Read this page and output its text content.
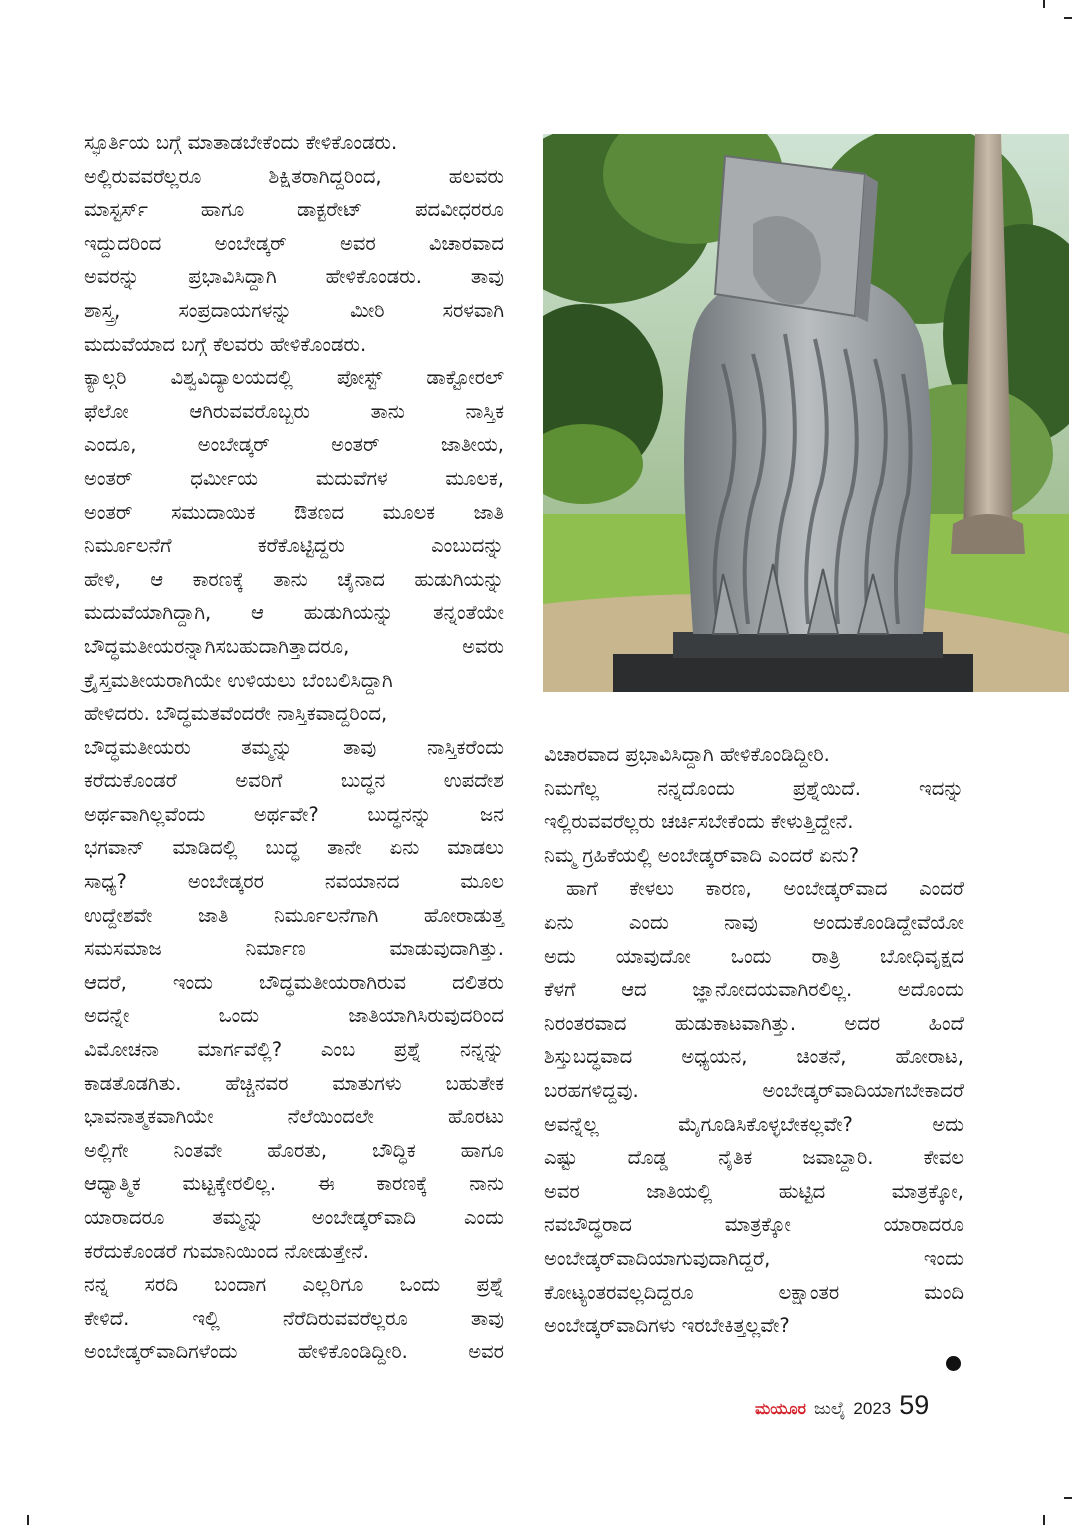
ಸ್ಫೂರ್ತಿಯ ಬಗ್ಗೆ ಮಾತಾಡಬೇಕೆಂದು ಕೇಳಿಕೊಂಡರು.
ಅಲ್ಲಿರುವವರೆಲ್ಲರೂ ಶಿಕ್ಷಿತರಾಗಿದ್ದರಿಂದ, ಹಲವರು
ಮಾಸ್ಟರ್ಸ್ ಹಾಗೂ ಡಾಕ್ಟರೇಟ್ ಪದವೀಧರರೂ
ಇದ್ದುದರಿಂದ ಅಂಬೇಡ್ಕರ್ ಅವರ ವಿಚಾರವಾದ
ಅವರನ್ನು ಪ್ರಭಾವಿಸಿದ್ದಾಗಿ ಹೇಳಿಕೊಂಡರು. ತಾವು
ಶಾಸ್ತ್ರ, ಸಂಪ್ರದಾಯಗಳನ್ನು ಮೀರಿ ಸರಳವಾಗಿ
ಮದುವೆಯಾದ ಬಗ್ಗೆ ಕೆಲವರು ಹೇಳಿಕೊಂಡರು.
ಕ್ಯಾಲ್ಗರಿ ವಿಶ್ವವಿದ್ಯಾಲಯದಲ್ಲಿ ಪೋಸ್ಟ್ ಡಾಕ್ಟೋರಲ್
ಫೆಲೋ ಆಗಿರುವವರೊಬ್ಬರು ತಾನು ನಾಸ್ತಿಕ
ಎಂದೂ, ಅಂಬೇಡ್ಕರ್ ಅಂತರ್ ಜಾತೀಯ,
ಅಂತರ್ ಧರ್ಮೀಯ ಮದುವೆಗಳ ಮೂಲಕ,
ಅಂತರ್ ಸಮುದಾಯಿಕ ಔತಣದ ಮೂಲಕ ಜಾತಿ
ನಿರ್ಮೂಲನೆಗೆ ಕರೆಕೊಟ್ಟಿದ್ದರು ಎಂಬುದನ್ನು
ಹೇಳಿ, ಆ ಕಾರಣಕ್ಕೆ ತಾನು ಚೈನಾದ ಹುಡುಗಿಯನ್ನು
ಮದುವೆಯಾಗಿದ್ದಾಗಿ, ಆ ಹುಡುಗಿಯನ್ನು ತನ್ನಂತೆಯೇ
ಬೌದ್ಧಮತೀಯರನ್ನಾಗಿಸಬಹುದಾಗಿತ್ತಾದರೂ, ಅವರು
ಕ್ರೈಸ್ತಮತೀಯರಾಗಿಯೇ ಉಳಿಯಲು ಬೆಂಬಲಿಸಿದ್ದಾಗಿ
ಹೇಳಿದರು. ಬೌದ್ಧಮತವೆಂದರೇ ನಾಸ್ತಿಕವಾದ್ದರಿಂದ,
ಬೌದ್ಧಮತೀಯರು ತಮ್ಮನ್ನು ತಾವು ನಾಸ್ತಿಕರೆಂದು
ಕರೆದುಕೊಂಡರೆ ಅವರಿಗೆ ಬುದ್ಧನ ಉಪದೇಶ
ಅರ್ಥವಾಗಿಲ್ಲವೆಂದು ಅರ್ಥವೇ? ಬುದ್ಧನನ್ನು ಜನ
ಭಗವಾನ್ ಮಾಡಿದಲ್ಲಿ ಬುದ್ಧ ತಾನೇ ಏನು ಮಾಡಲು
ಸಾಧ್ಯ? ಅಂಬೇಡ್ಕರರ ನವಯಾನದ ಮೂಲ
ಉದ್ದೇಶವೇ ಜಾತಿ ನಿರ್ಮೂಲನೆಗಾಗಿ ಹೋರಾಡುತ್ತ
ಸಮಸಮಾಜ ನಿರ್ಮಾಣ ಮಾಡುವುದಾಗಿತ್ತು.
ಆದರೆ, ಇಂದು ಬೌದ್ಧಮತೀಯರಾಗಿರುವ ದಲಿತರು
ಅದನ್ನೇ ಒಂದು ಜಾತಿಯಾಗಿಸಿರುವುದರಿಂದ
ವಿಮೋಚನಾ ಮಾರ್ಗವೆಲ್ಲಿ? ಎಂಬ ಪ್ರಶ್ನೆ ನನ್ನನ್ನು
ಕಾಡತೊಡಗಿತು. ಹೆಚ್ಚಿನವರ ಮಾತುಗಳು ಬಹುತೇಕ
ಭಾವನಾತ್ಮಕವಾಗಿಯೇ ನೆಲೆಯಿಂದಲೇ ಹೊರಟು
ಅಲ್ಲಿಗೇ ನಿಂತವೇ ಹೊರತು, ಬೌದ್ಧಿಕ ಹಾಗೂ
ಆಧ್ಯಾತ್ಮಿಕ ಮಟ್ಟಕ್ಕೇರಲಿಲ್ಲ. ಈ ಕಾರಣಕ್ಕೆ ನಾನು
ಯಾರಾದರೂ ತಮ್ಮನ್ನು ಅಂಬೇಡ್ಕರ್‌ವಾದಿ ಎಂದು
ಕರೆದುಕೊಂಡರೆ ಗುಮಾನಿಯಿಂದ ನೋಡುತ್ತೇನೆ.
ನನ್ನ ಸರದಿ ಬಂದಾಗ ಎಲ್ಲರಿಗೂ ಒಂದು ಪ್ರಶ್ನೆ
ಕೇಳಿದೆ. ಇಲ್ಲಿ ನೆರೆದಿರುವವರೆಲ್ಲರೂ ತಾವು
ಅಂಬೇಡ್ಕರ್‌ವಾದಿಗಳೆಂದು ಹೇಳಿಕೊಂಡಿದ್ದೀರಿ. ಅವರ
ವಿಚಾರವಾದ ಪ್ರಭಾವಿಸಿದ್ದಾಗಿ ಹೇಳಿಕೊಂಡಿದ್ದೀರಿ.
ನಿಮಗೆಲ್ಲ ನನ್ನದೊಂದು ಪ್ರಶ್ನೆಯಿದೆ. ಇದನ್ನು
ಇಲ್ಲಿರುವವರೆಲ್ಲರು ಚರ್ಚಿಸಬೇಕೆಂದು ಕೇಳುತ್ತಿದ್ದೇನೆ.
ನಿಮ್ಮ ಗ್ರಹಿಕೆಯಲ್ಲಿ ಅಂಬೇಡ್ಕರ್‌ವಾದಿ ಎಂದರೆ ಏನು?
ಹಾಗೆ ಕೇಳಲು ಕಾರಣ, ಅಂಬೇಡ್ಕರ್‌ವಾದ ಎಂದರೆ
ಏನು ಎಂದು ನಾವು ಅಂದುಕೊಂಡಿದ್ದೇವೆಯೋ
ಅದು ಯಾವುದೋ ಒಂದು ರಾತ್ರಿ ಬೋಧಿವೃಕ್ಷದ
ಕೆಳಗೆ ಆದ ಜ್ಞಾನೋದಯವಾಗಿರಲಿಲ್ಲ. ಅದೊಂದು
ನಿರಂತರವಾದ ಹುಡುಕಾಟವಾಗಿತ್ತು. ಅದರ ಹಿಂದೆ
ಶಿಸ್ತುಬದ್ಧವಾದ ಅಧ್ಯಯನ, ಚಿಂತನೆ, ಹೋರಾಟ,
ಬರಹಗಳಿದ್ದವು. ಅಂಬೇಡ್ಕರ್‌ವಾದಿಯಾಗಬೇಕಾದರೆ
ಅವನ್ನೆಲ್ಲ ಮೈಗೂಡಿಸಿಕೊಳ್ಳಬೇಕಲ್ಲವೇ? ಅದು
ಎಷ್ಟು ದೊಡ್ಡ ನೈತಿಕ ಜವಾಬ್ದಾರಿ. ಕೇವಲ
ಅವರ ಜಾತಿಯಲ್ಲಿ ಹುಟ್ಟಿದ ಮಾತ್ರಕ್ಕೋ,
ನವಬೌದ್ಧರಾದ ಮಾತ್ರಕ್ಕೋ ಯಾರಾದರೂ
ಅಂಬೇಡ್ಕರ್‌ವಾದಿಯಾಗುವುದಾಗಿದ್ದರೆ, ಇಂದು
ಕೋಟ್ಯಂತರವಲ್ಲದಿದ್ದರೂ ಲಕ್ಷಾಂತರ ಮಂದಿ
ಅಂಬೇಡ್ಕರ್‌ವಾದಿಗಳು ಇರಬೇಕಿತ್ತಲ್ಲವೇ?
ಮಯೂರ ಜುಲೈ 2023 59
